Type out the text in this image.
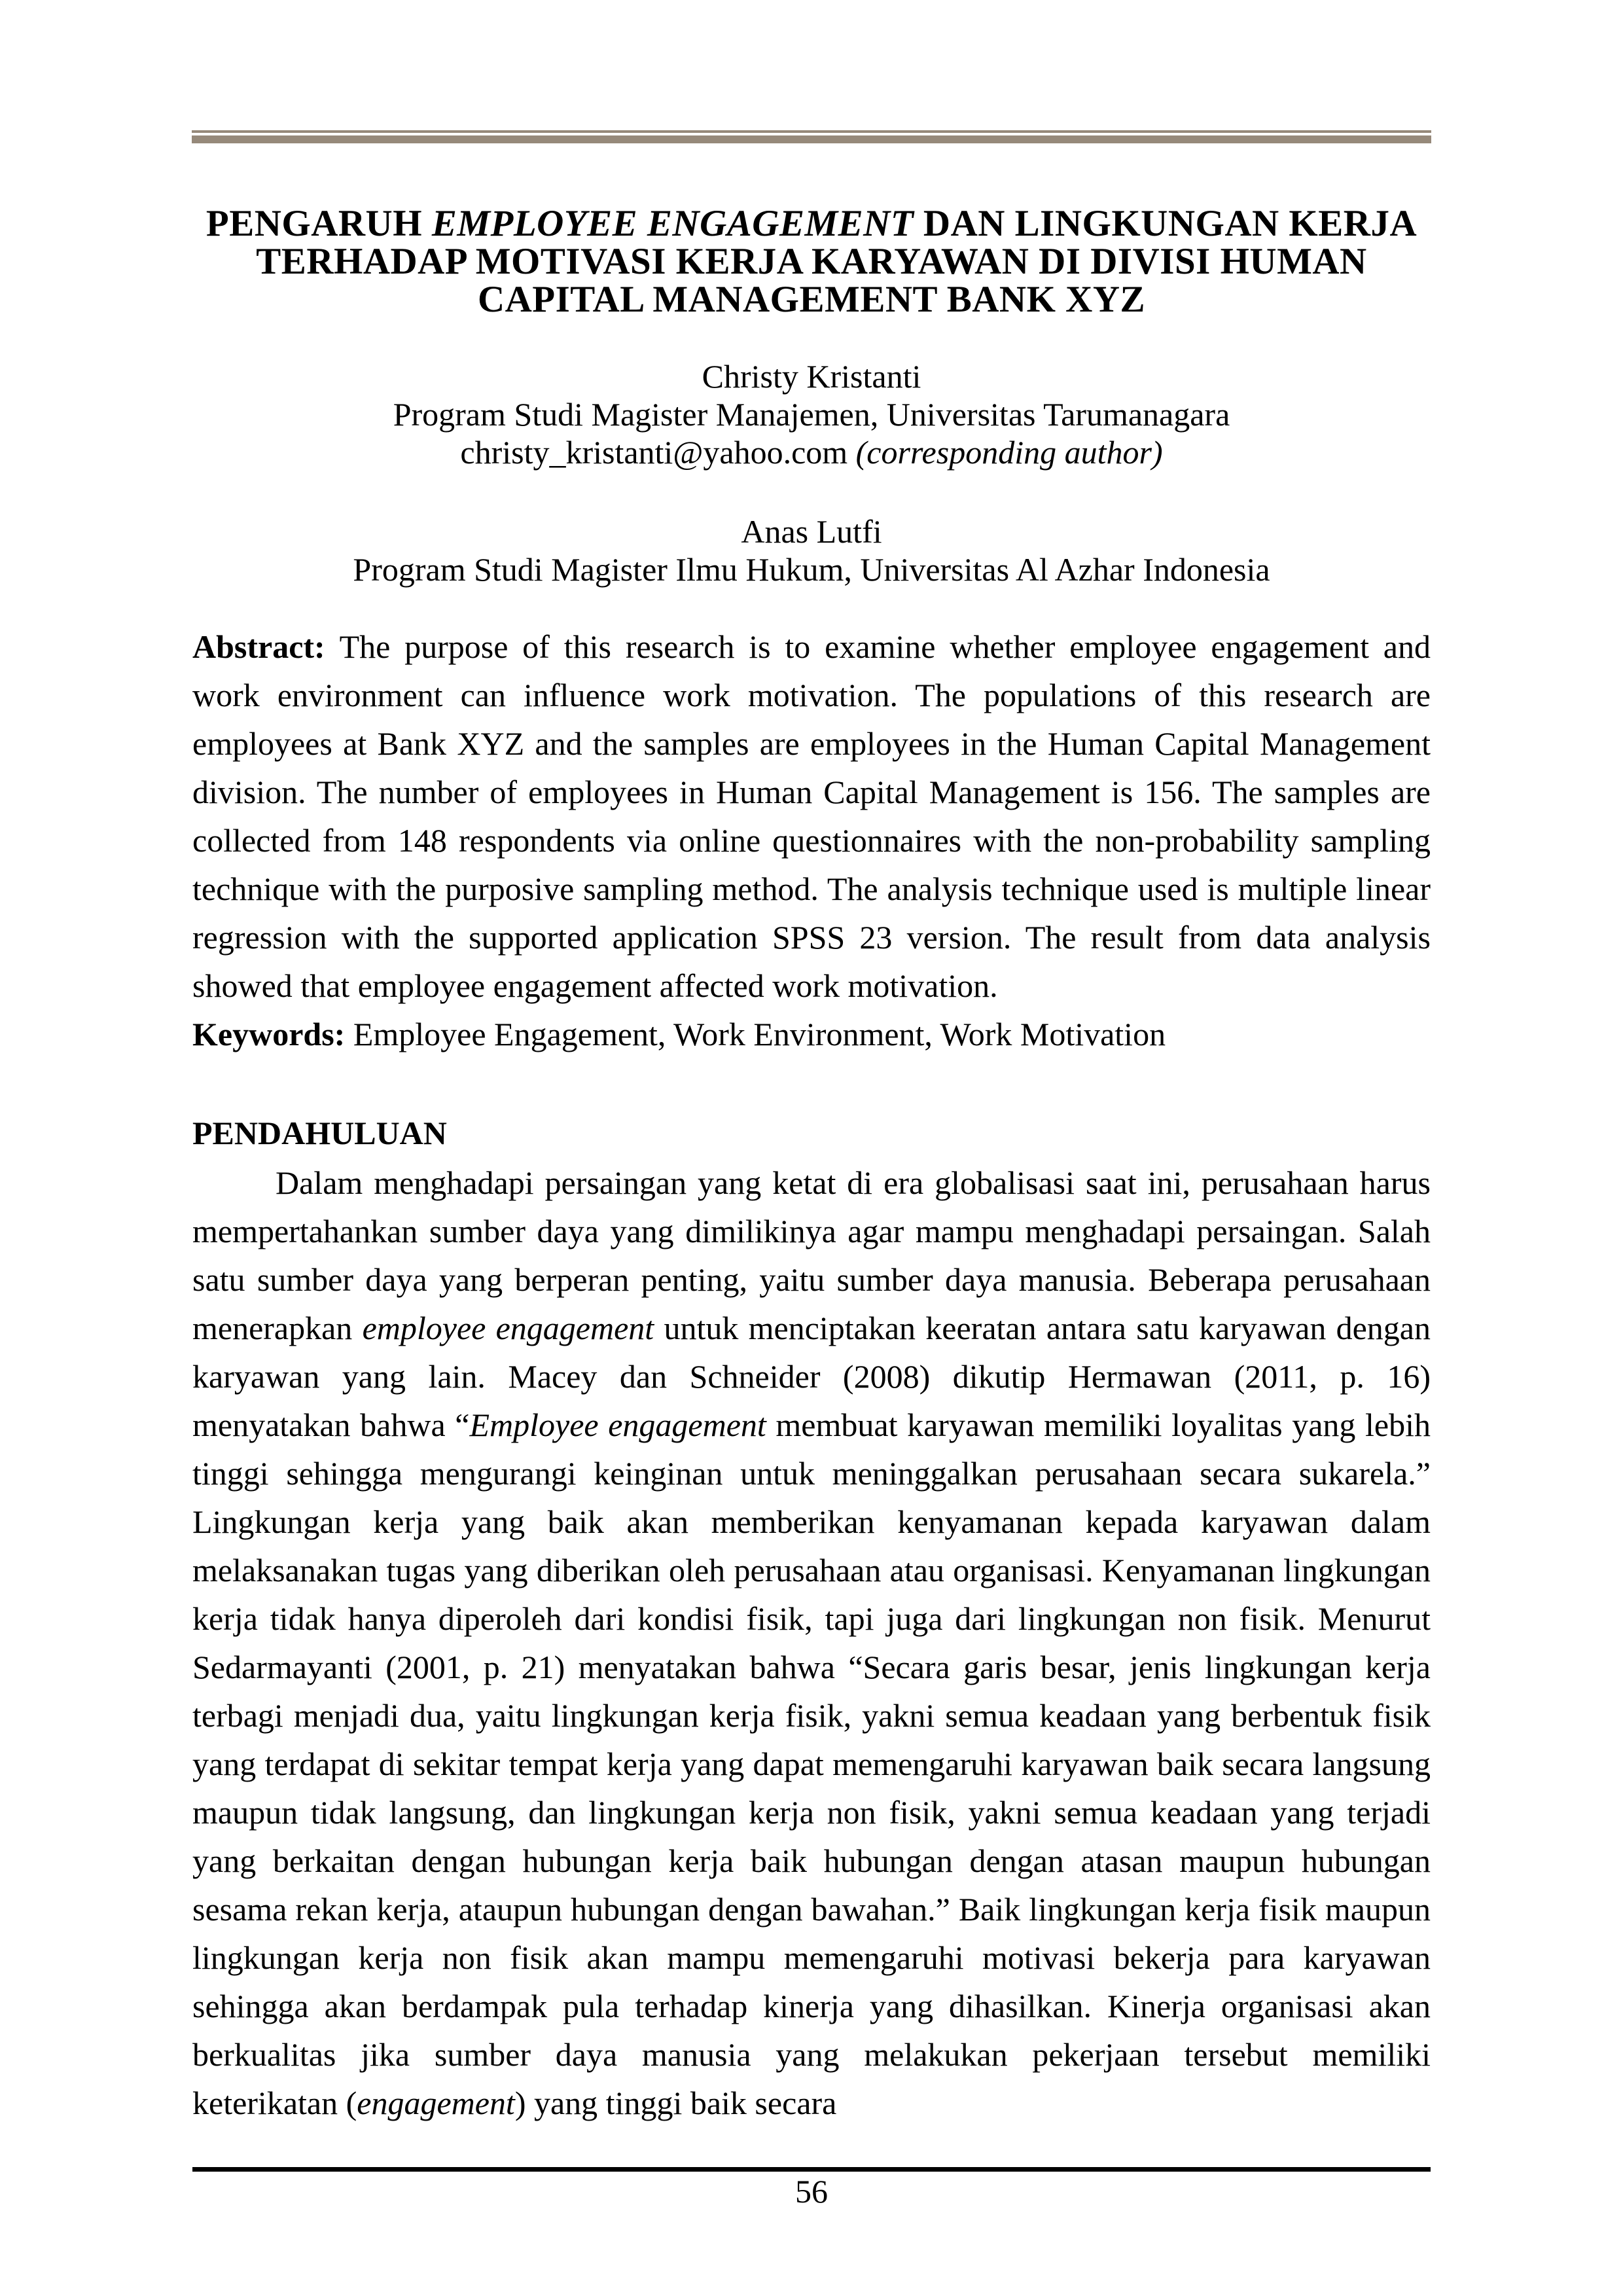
PENGARUH EMPLOYEE ENGAGEMENT DAN LINGKUNGAN KERJA TERHADAP MOTIVASI KERJA KARYAWAN DI DIVISI HUMAN CAPITAL MANAGEMENT BANK XYZ

Christy Kristanti

Program Studi Magister Manajemen, Universitas Tarumanagara

christy_kristanti@yahoo.com (corresponding author)

Anas Lutfi

Program Studi Magister Ilmu Hukum, Universitas Al Azhar Indonesia

Abstract: The purpose of this research is to examine whether employee engagement and work environment can influence work motivation. The populations of this research are employees at Bank XYZ and the samples are employees in the Human Capital Management division. The number of employees in Human Capital Management is 156. The samples are collected from 148 respondents via online questionnaires with the non-probability sampling technique with the purposive sampling method. The analysis technique used is multiple linear regression with the supported application SPSS 23 version. The result from data analysis showed that employee engagement affected work motivation.

Keywords: Employee Engagement, Work Environment, Work Motivation

PENDAHULUAN

Dalam menghadapi persaingan yang ketat di era globalisasi saat ini, perusahaan harus mempertahankan sumber daya yang dimilikinya agar mampu menghadapi persaingan. Salah satu sumber daya yang berperan penting, yaitu sumber daya manusia. Beberapa perusahaan menerapkan employee engagement untuk menciptakan keeratan antara satu karyawan dengan karyawan yang lain. Macey dan Schneider (2008) dikutip Hermawan (2011, p. 16) menyatakan bahwa “Employee engagement membuat karyawan memiliki loyalitas yang lebih tinggi sehingga mengurangi keinginan untuk meninggalkan perusahaan secara sukarela.” Lingkungan kerja yang baik akan memberikan kenyamanan kepada karyawan dalam melaksanakan tugas yang diberikan oleh perusahaan atau organisasi. Kenyamanan lingkungan kerja tidak hanya diperoleh dari kondisi fisik, tapi juga dari lingkungan non fisik. Menurut Sedarmayanti (2001, p. 21) menyatakan bahwa “Secara garis besar, jenis lingkungan kerja terbagi menjadi dua, yaitu lingkungan kerja fisik, yakni semua keadaan yang berbentuk fisik yang terdapat di sekitar tempat kerja yang dapat memengaruhi karyawan baik secara langsung maupun tidak langsung, dan lingkungan kerja non fisik, yakni semua keadaan yang terjadi yang berkaitan dengan hubungan kerja baik hubungan dengan atasan maupun hubungan sesama rekan kerja, ataupun hubungan dengan bawahan.” Baik lingkungan kerja fisik maupun lingkungan kerja non fisik akan mampu memengaruhi motivasi bekerja para karyawan sehingga akan berdampak pula terhadap kinerja yang dihasilkan. Kinerja organisasi akan berkualitas jika sumber daya manusia yang melakukan pekerjaan tersebut memiliki keterikatan (engagement) yang tinggi baik secara

56
